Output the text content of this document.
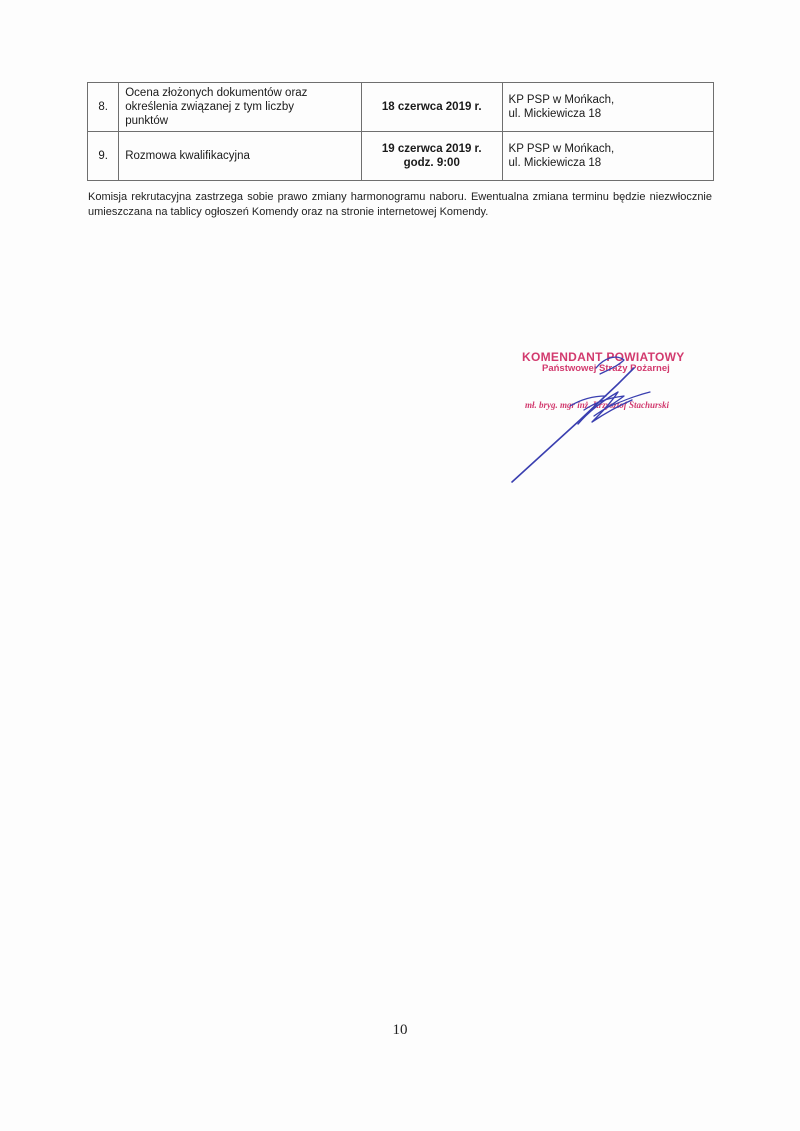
8.	Ocena złożonych dokumentów oraz
określenia związanej z tym liczby
punktów	18 czerwca 2019 r.	KP PSP w Mońkach,
ul. Mickiewicza 18

9.	Rozmowa kwalifikacyjna	19 czerwca 2019 r.
godz. 9:00	KP PSP w Mońkach,
ul. Mickiewicza 18
Komisja rekrutacyjna zastrzega sobie prawo zmiany harmonogramu naboru. Ewentualna zmiana terminu będzie niezwłocznie umieszczana na tablicy ogłoszeń Komendy oraz na stronie internetowej Komendy.
KOMENDANT POWIATOWY
Państwowej Straży Pożarnej
mł. bryg. mgr inż. Krzysztof Stachurski
10
